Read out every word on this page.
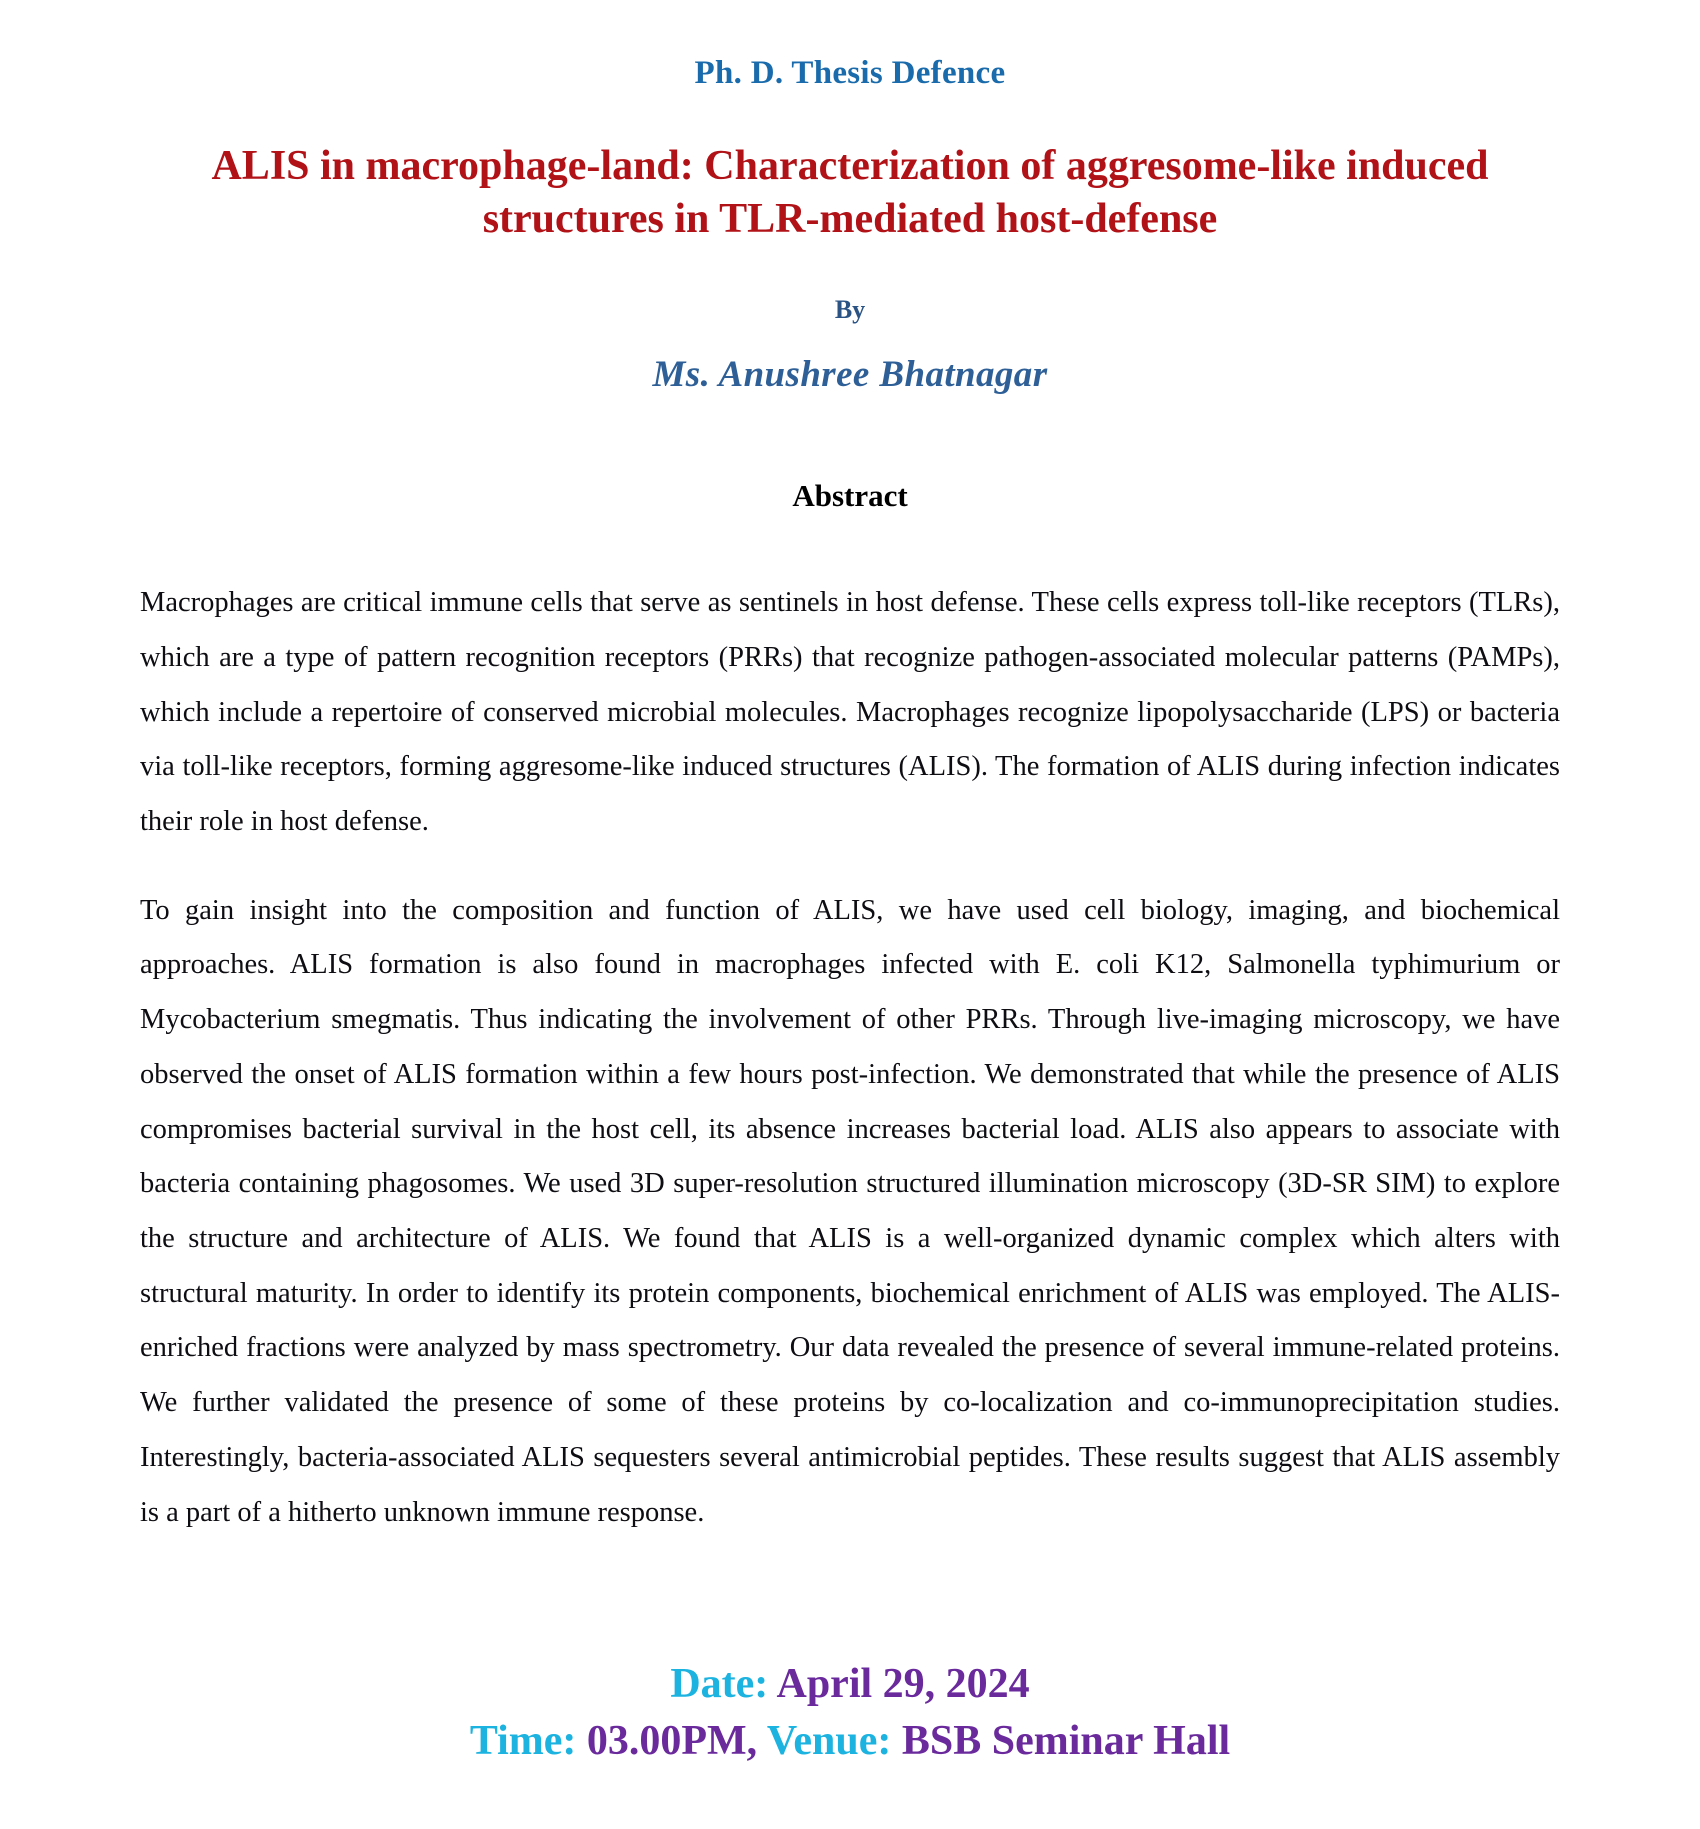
Ph. D. Thesis Defence
ALIS in macrophage-land: Characterization of aggresome-like induced structures in TLR-mediated host-defense
By
Ms. Anushree Bhatnagar
Abstract

Macrophages are critical immune cells that serve as sentinels in host defense. These cells express toll-like receptors (TLRs), which are a type of pattern recognition receptors (PRRs) that recognize pathogen-associated molecular patterns (PAMPs), which include a repertoire of conserved microbial molecules. Macrophages recognize lipopolysaccharide (LPS) or bacteria via toll-like receptors, forming aggresome-like induced structures (ALIS). The formation of ALIS during infection indicates their role in host defense.

To gain insight into the composition and function of ALIS, we have used cell biology, imaging, and biochemical approaches. ALIS formation is also found in macrophages infected with E. coli K12, Salmonella typhimurium or Mycobacterium smegmatis. Thus indicating the involvement of other PRRs. Through live-imaging microscopy, we have observed the onset of ALIS formation within a few hours post-infection. We demonstrated that while the presence of ALIS compromises bacterial survival in the host cell, its absence increases bacterial load. ALIS also appears to associate with bacteria containing phagosomes. We used 3D super-resolution structured illumination microscopy (3D-SR SIM) to explore the structure and architecture of ALIS. We found that ALIS is a well-organized dynamic complex which alters with structural maturity. In order to identify its protein components, biochemical enrichment of ALIS was employed. The ALIS-enriched fractions were analyzed by mass spectrometry. Our data revealed the presence of several immune-related proteins. We further validated the presence of some of these proteins by co-localization and co-immunoprecipitation studies. Interestingly, bacteria-associated ALIS sequesters several antimicrobial peptides. These results suggest that ALIS assembly is a part of a hitherto unknown immune response.

Date: April 29, 2024
Time: 03.00PM, Venue: BSB Seminar Hall
